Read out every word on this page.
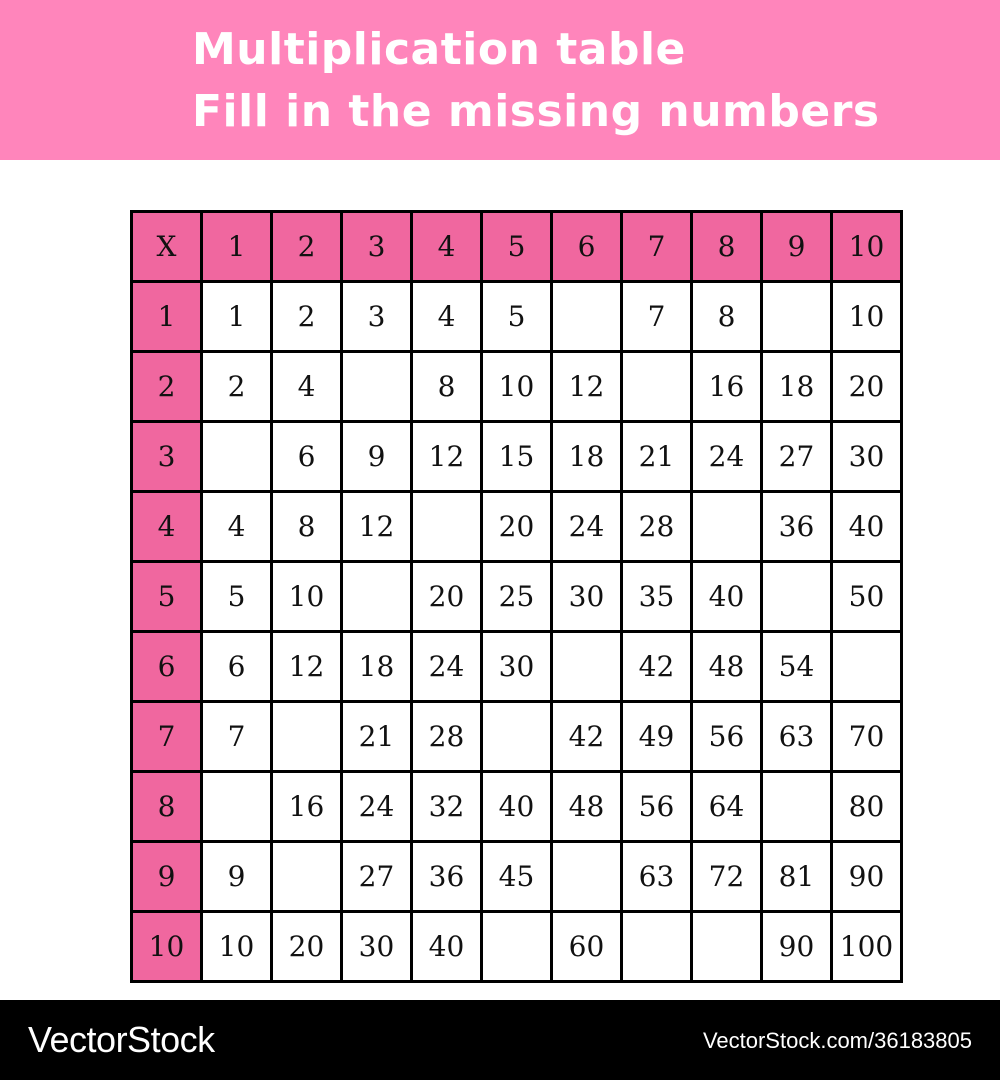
Multiplication table
Fill in the missing numbers
X	1	2	3	4	5	6	7	8	9	10
1	1	2	3	4	5		7	8		10
2	2	4		8	10	12		16	18	20
3		6	9	12	15	18	21	24	27	30
4	4	8	12		20	24	28		36	40
5	5	10		20	25	30	35	40		50
6	6	12	18	24	30		42	48	54	
7	7		21	28		42	49	56	63	70
8		16	24	32	40	48	56	64		80
9	9		27	36	45		63	72	81	90
10	10	20	30	40		60			90	100
VectorStock	VectorStock.com/36183805
